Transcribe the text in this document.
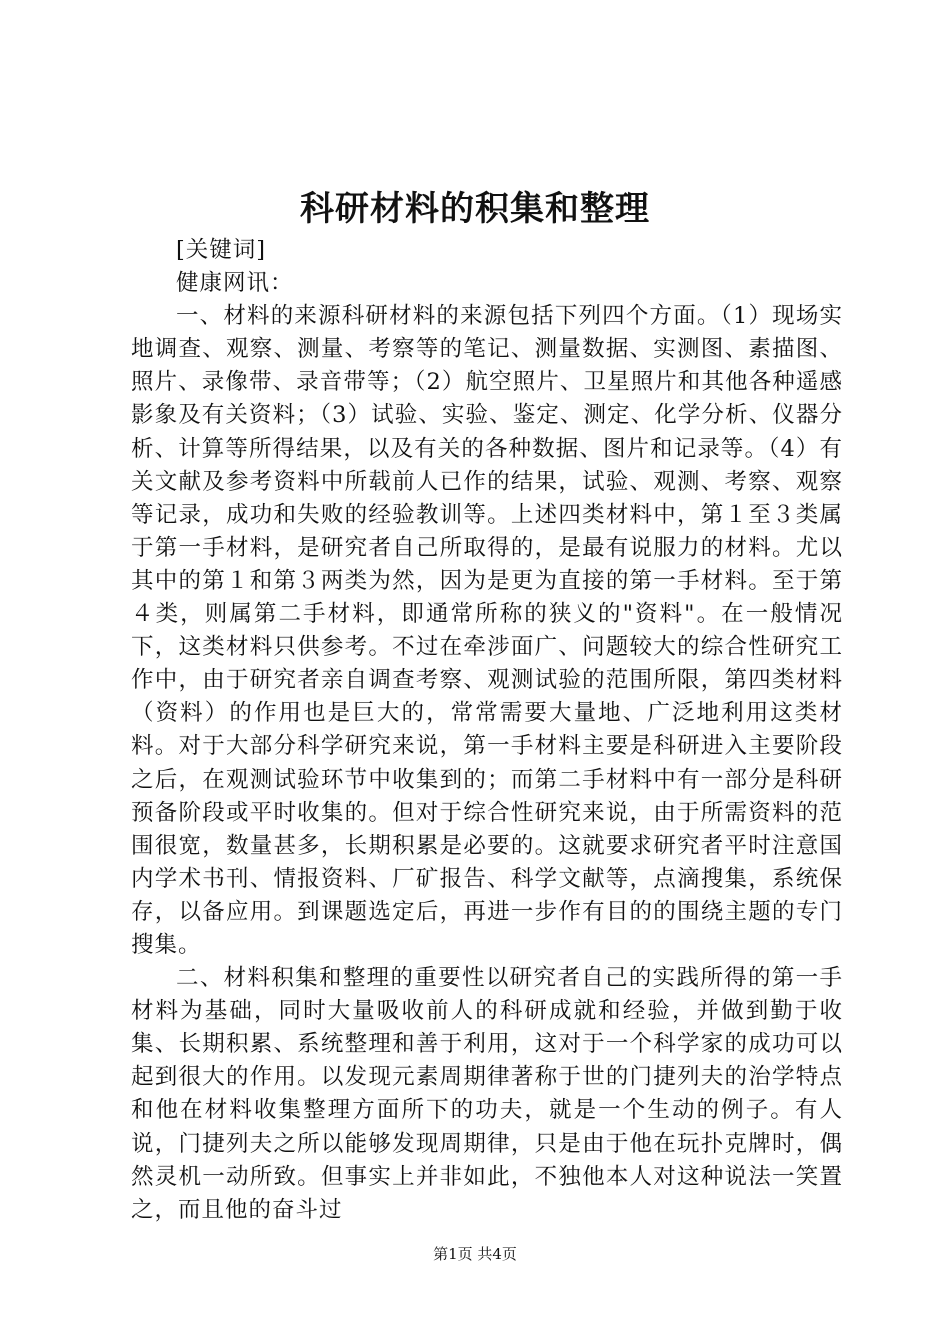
科研材料的积集和整理

[关键词]

健康网讯：

一、材料的来源科研材料的来源包括下列四个方面。（1）现场实地调查、观察、测量、考察等的笔记、测量数据、实测图、素描图、照片、录像带、录音带等；（2）航空照片、卫星照片和其他各种遥感影象及有关资料；（3）试验、实验、鉴定、测定、化学分析、仪器分析、计算等所得结果，以及有关的各种数据、图片和记录等。（4）有关文献及参考资料中所载前人已作的结果，试验、观测、考察、观察等记录，成功和失败的经验教训等。上述四类材料中，第１至３类属于第一手材料，是研究者自己所取得的，是最有说服力的材料。尤以其中的第１和第３两类为然，因为是更为直接的第一手材料。至于第４类，则属第二手材料，即通常所称的狭义的"资料"。在一般情况下，这类材料只供参考。不过在牵涉面广、问题较大的综合性研究工作中，由于研究者亲自调查考察、观测试验的范围所限，第四类材料（资料）的作用也是巨大的，常常需要大量地、广泛地利用这类材料。对于大部分科学研究来说，第一手材料主要是科研进入主要阶段之后，在观测试验环节中收集到的；而第二手材料中有一部分是科研预备阶段或平时收集的。但对于综合性研究来说，由于所需资料的范围很宽，数量甚多，长期积累是必要的。这就要求研究者平时注意国内学术书刊、情报资料、厂矿报告、科学文献等，点滴搜集，系统保存，以备应用。到课题选定后，再进一步作有目的的围绕主题的专门搜集。

二、材料积集和整理的重要性以研究者自己的实践所得的第一手材料为基础，同时大量吸收前人的科研成就和经验，并做到勤于收集、长期积累、系统整理和善于利用，这对于一个科学家的成功可以起到很大的作用。以发现元素周期律著称于世的门捷列夫的治学特点和他在材料收集整理方面所下的功夫，就是一个生动的例子。有人说，门捷列夫之所以能够发现周期律，只是由于他在玩扑克牌时，偶然灵机一动所致。但事实上并非如此，不独他本人对这种说法一笑置之，而且他的奋斗过

第1页 共4页
